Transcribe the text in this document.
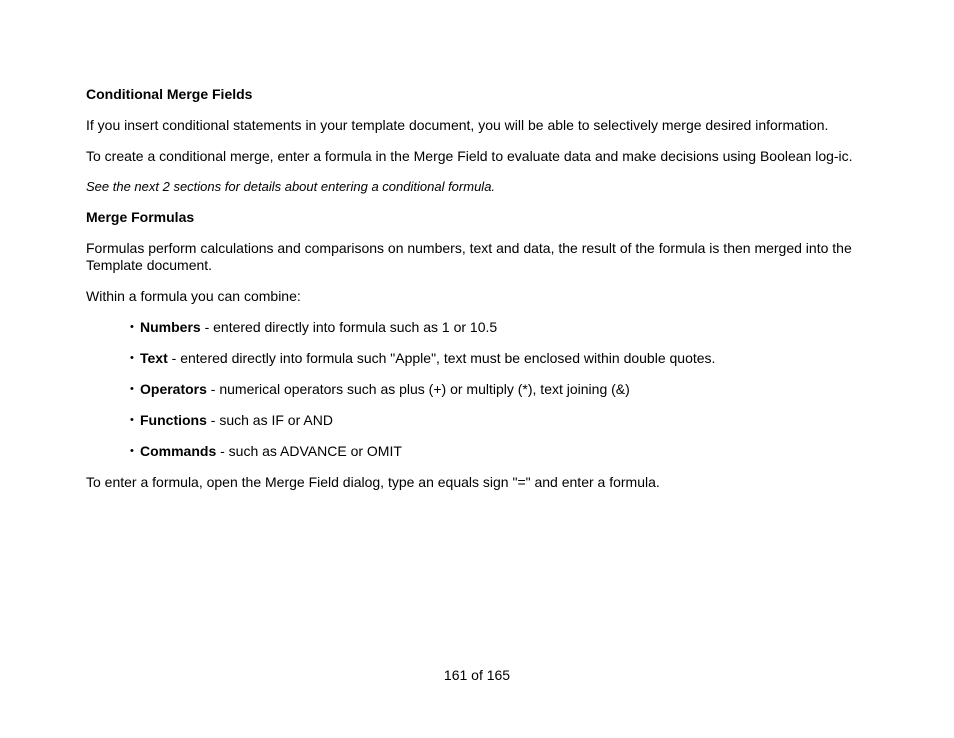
Conditional Merge Fields
If you insert conditional statements in your template document, you will be able to selectively merge desired information.
To create a conditional merge, enter a formula in the Merge Field to evaluate data and make decisions using Boolean log-ic.
See the next 2 sections for details about entering a conditional formula.
Merge Formulas
Formulas perform calculations and comparisons on numbers, text and data, the result of the formula is then merged into the Template document.
Within a formula you can combine:
• Numbers - entered directly into formula such as 1 or 10.5
• Text - entered directly into formula such "Apple", text must be enclosed within double quotes.
• Operators - numerical operators such as plus (+) or multiply (*), text joining (&)
• Functions - such as IF or AND
• Commands - such as ADVANCE or OMIT
To enter a formula, open the Merge Field dialog, type an equals sign "=" and enter a formula.
161 of 165
